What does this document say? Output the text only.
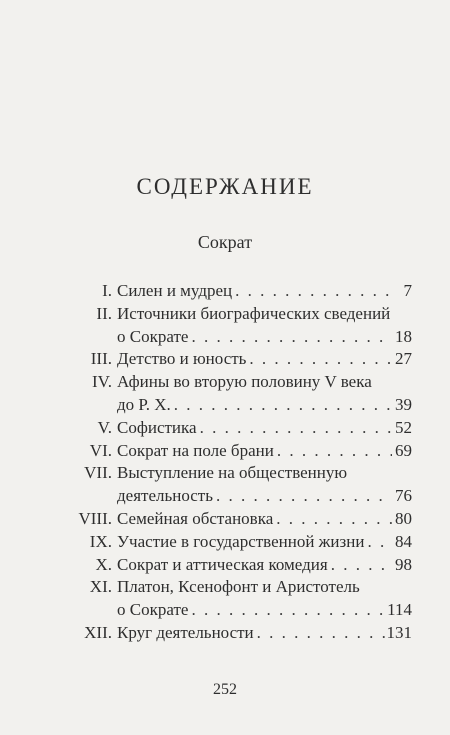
СОДЕРЖАНИЕ
Сократ
I. Силен и мудрец . . .	7
II. Источники биографических сведений
о Сократе . . .	18
III. Детство и юность . . .	27
IV. Афины во вторую половину V века
до Р. Х. . . .	39
V. Софистика . . .	52
VI. Сократ на поле брани . . .	69
VII. Выступление на общественную
деятельность . . .	76
VIII. Семейная обстановка . . .	80
IX. Участие в государственной жизни . . . 84
X. Сократ и аттическая комедия . . .	98
XI. Платон, Ксенофонт и Аристотель
о Сократе . . .	114
XII. Круг деятельности . . .	131
252
